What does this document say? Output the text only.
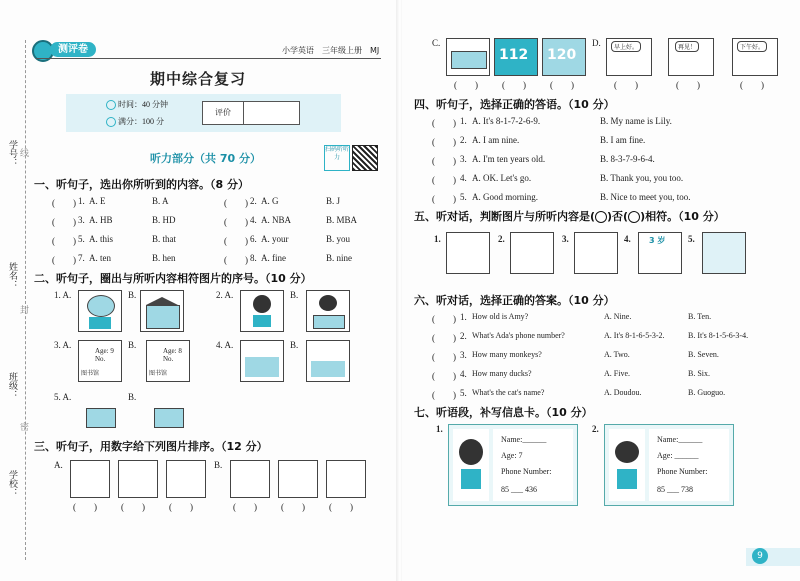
学号：
姓名：
班级：
学校：
线
封
密
测评卷	小学英语　三年级上册　MJ
期中综合复习
时间：40 分钟
满分：100 分
评价
听力部分（共 70 分）
扫码听听力
一、听句子，选出你所听到的内容。（8 分）
(　　) 1. A. E	B. A	(　　) 2. A. G	B. J
(　　) 3. A. HB	B. HD	(　　) 4. A. NBA	B. MBA
(　　) 5. A. this	B. that	(　　) 6. A. your	B. you
(　　) 7. A. ten	B. hen	(　　) 8. A. fine	B. nine
二、听句子，圈出与所听内容相符图片的序号。（10 分）
1. A.	B.	2. A.	B.
3. A.
Age: 9
No.
图书馆
B.
Age: 8
No.
图书馆
4. A.	B.
5. A.	B.
三、听句子，用数字给下列图片排序。（12 分）
A.	B.
(　　)	(　　)	(　　)	(　　)	(　　)	(　　)
C.
112 120
D.	早上好。	再见！	下午好。
(　　)	(　　)	(　　)	(　　)	(　　)	(　　)
四、听句子，选择正确的答语。（10 分）
(　　) 1. A. It's 8-1-7-2-6-9.	B. My name is Lily.
(　　) 2. A. I am nine.	B. I am fine.
(　　) 3. A. I'm ten years old.	B. 8-3-7-9-6-4.
(　　) 4. A. OK. Let's go.	B. Thank you, you too.
(　　) 5. A. Good morning.	B. Nice to meet you, too.
五、听对话，判断图片与所听内容是( )否( )相符。（10 分）
1.	2.	3.	4. 3 岁	5.
六、听对话，选择正确的答案。（10 分）
(　　) 1. How old is Amy?	A. Nine.	B. Ten.
(　　) 2. What's Ada's phone number?	A. It's 8-1-6-5-3-2.	B. It's 8-1-5-6-3-4.
(　　) 3. How many monkeys?	A. Two.	B. Seven.
(　　) 4. How many ducks?	A. Five.	B. Six.
(　　) 5. What's the cat's name?	A. Doudou.	B. Guoguo.
七、听语段，补写信息卡。（10 分）
1.
Name:______
Age: 7
Phone Number:
85 ___ 436
2.
Name:______
Age: ______
Phone Number:
85 ___ 738
9
